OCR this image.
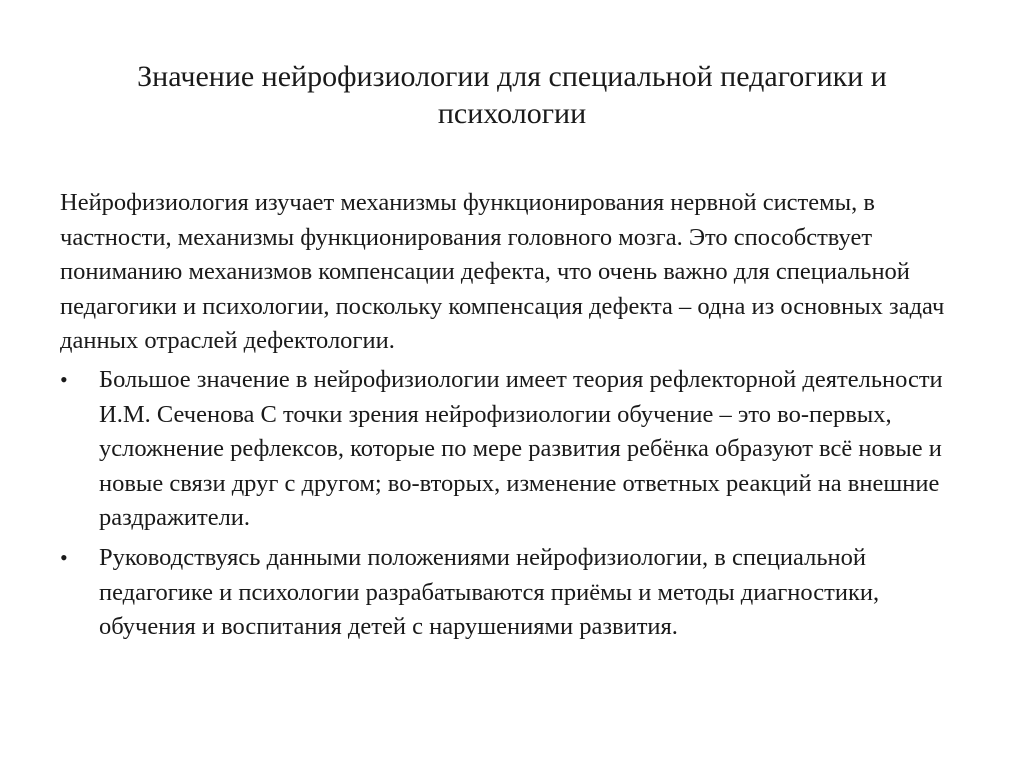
Значение нейрофизиологии для специальной педагогики и психологии

Нейрофизиология изучает механизмы функционирования нервной системы, в частности, механизмы функционирования головного мозга. Это способствует пониманию механизмов компенсации дефекта, что очень важно для специальной педагогики и психологии, поскольку компенсация дефекта – одна из основных задач данных отраслей дефектологии.

•	Большое значение в нейрофизиологии имеет теория рефлекторной деятельности И.М. Сеченова С точки зрения нейрофизиологии обучение – это во-первых, усложнение рефлексов, которые по мере развития ребёнка образуют всё новые и новые связи друг с другом; во-вторых, изменение ответных реакций на внешние раздражители.
•	Руководствуясь данными положениями нейрофизиологии, в специальной педагогике и психологии разрабатываются приёмы и методы диагностики, обучения и воспитания детей с нарушениями развития.
